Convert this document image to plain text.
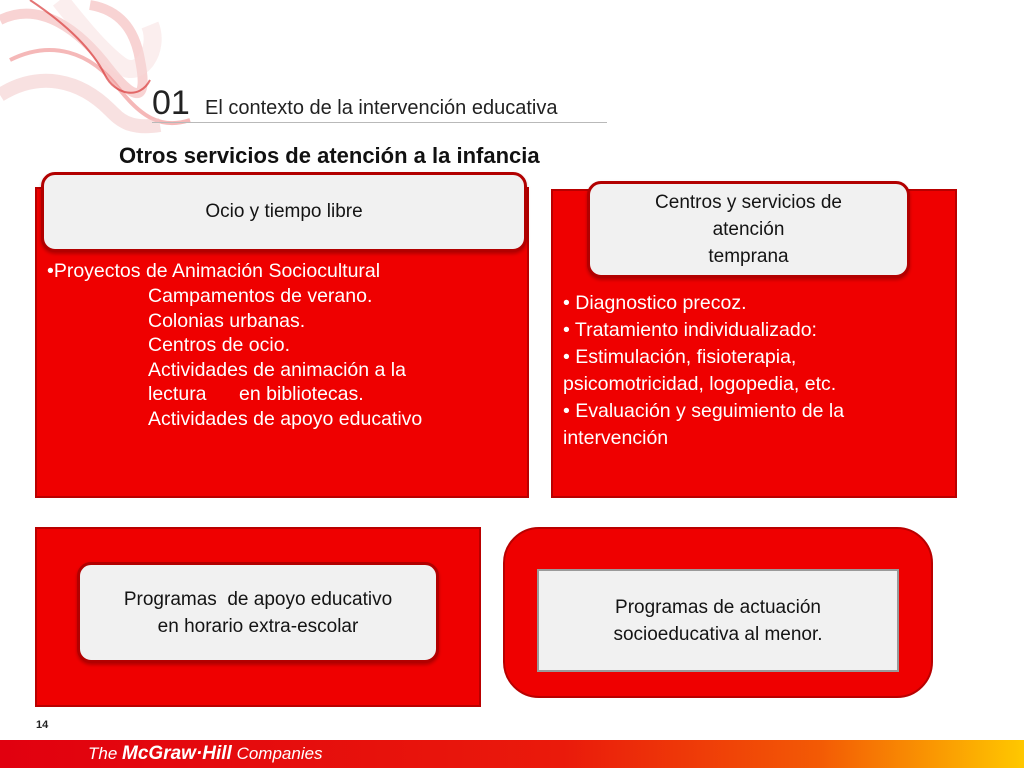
01 El contexto de la intervención educativa
Otros servicios de atención a la infancia
Ocio y tiempo libre
•Proyectos de Animación Sociocultural
Campamentos de verano.
Colonias urbanas.
Centros de ocio.
Actividades de animación a la
lectura      en bibliotecas.
Actividades de apoyo educativo
Centros y servicios de
atención
temprana
• Diagnostico precoz.
• Tratamiento individualizado:
• Estimulación, fisioterapia,
psicomotricidad, logopedia, etc.
• Evaluación y seguimiento de la
intervención
Programas  de apoyo educativo
en horario extra-escolar
Programas de actuación
socioeducativa al menor.
14
The McGraw·Hill Companies
